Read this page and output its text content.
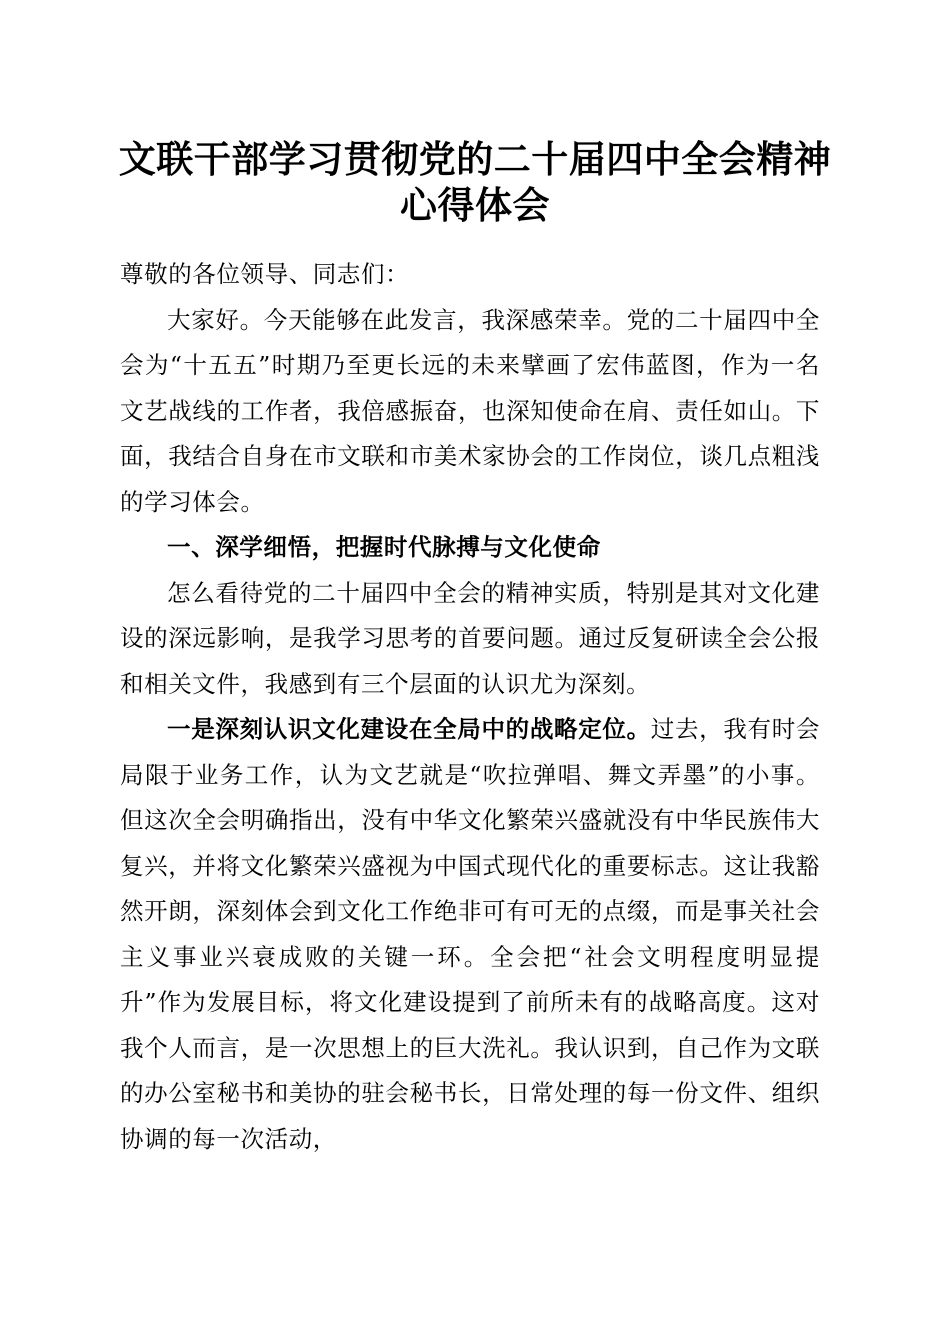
文联干部学习贯彻党的二十届四中全会精神心得体会

尊敬的各位领导、同志们：

大家好。今天能够在此发言，我深感荣幸。党的二十届四中全会为“十五五”时期乃至更长远的未来擘画了宏伟蓝图，作为一名文艺战线的工作者，我倍感振奋，也深知使命在肩、责任如山。下面，我结合自身在市文联和市美术家协会的工作岗位，谈几点粗浅的学习体会。

一、深学细悟，把握时代脉搏与文化使命

怎么看待党的二十届四中全会的精神实质，特别是其对文化建设的深远影响，是我学习思考的首要问题。通过反复研读全会公报和相关文件，我感到有三个层面的认识尤为深刻。

一是深刻认识文化建设在全局中的战略定位。过去，我有时会局限于业务工作，认为文艺就是“吹拉弹唱、舞文弄墨”的小事。但这次全会明确指出，没有中华文化繁荣兴盛就没有中华民族伟大复兴，并将文化繁荣兴盛视为中国式现代化的重要标志。这让我豁然开朗，深刻体会到文化工作绝非可有可无的点缀，而是事关社会主义事业兴衰成败的关键一环。全会把“社会文明程度明显提升”作为发展目标，将文化建设提到了前所未有的战略高度。这对我个人而言，是一次思想上的巨大洗礼。我认识到，自己作为文联的办公室秘书和美协的驻会秘书长，日常处理的每一份文件、组织协调的每一次活动，
